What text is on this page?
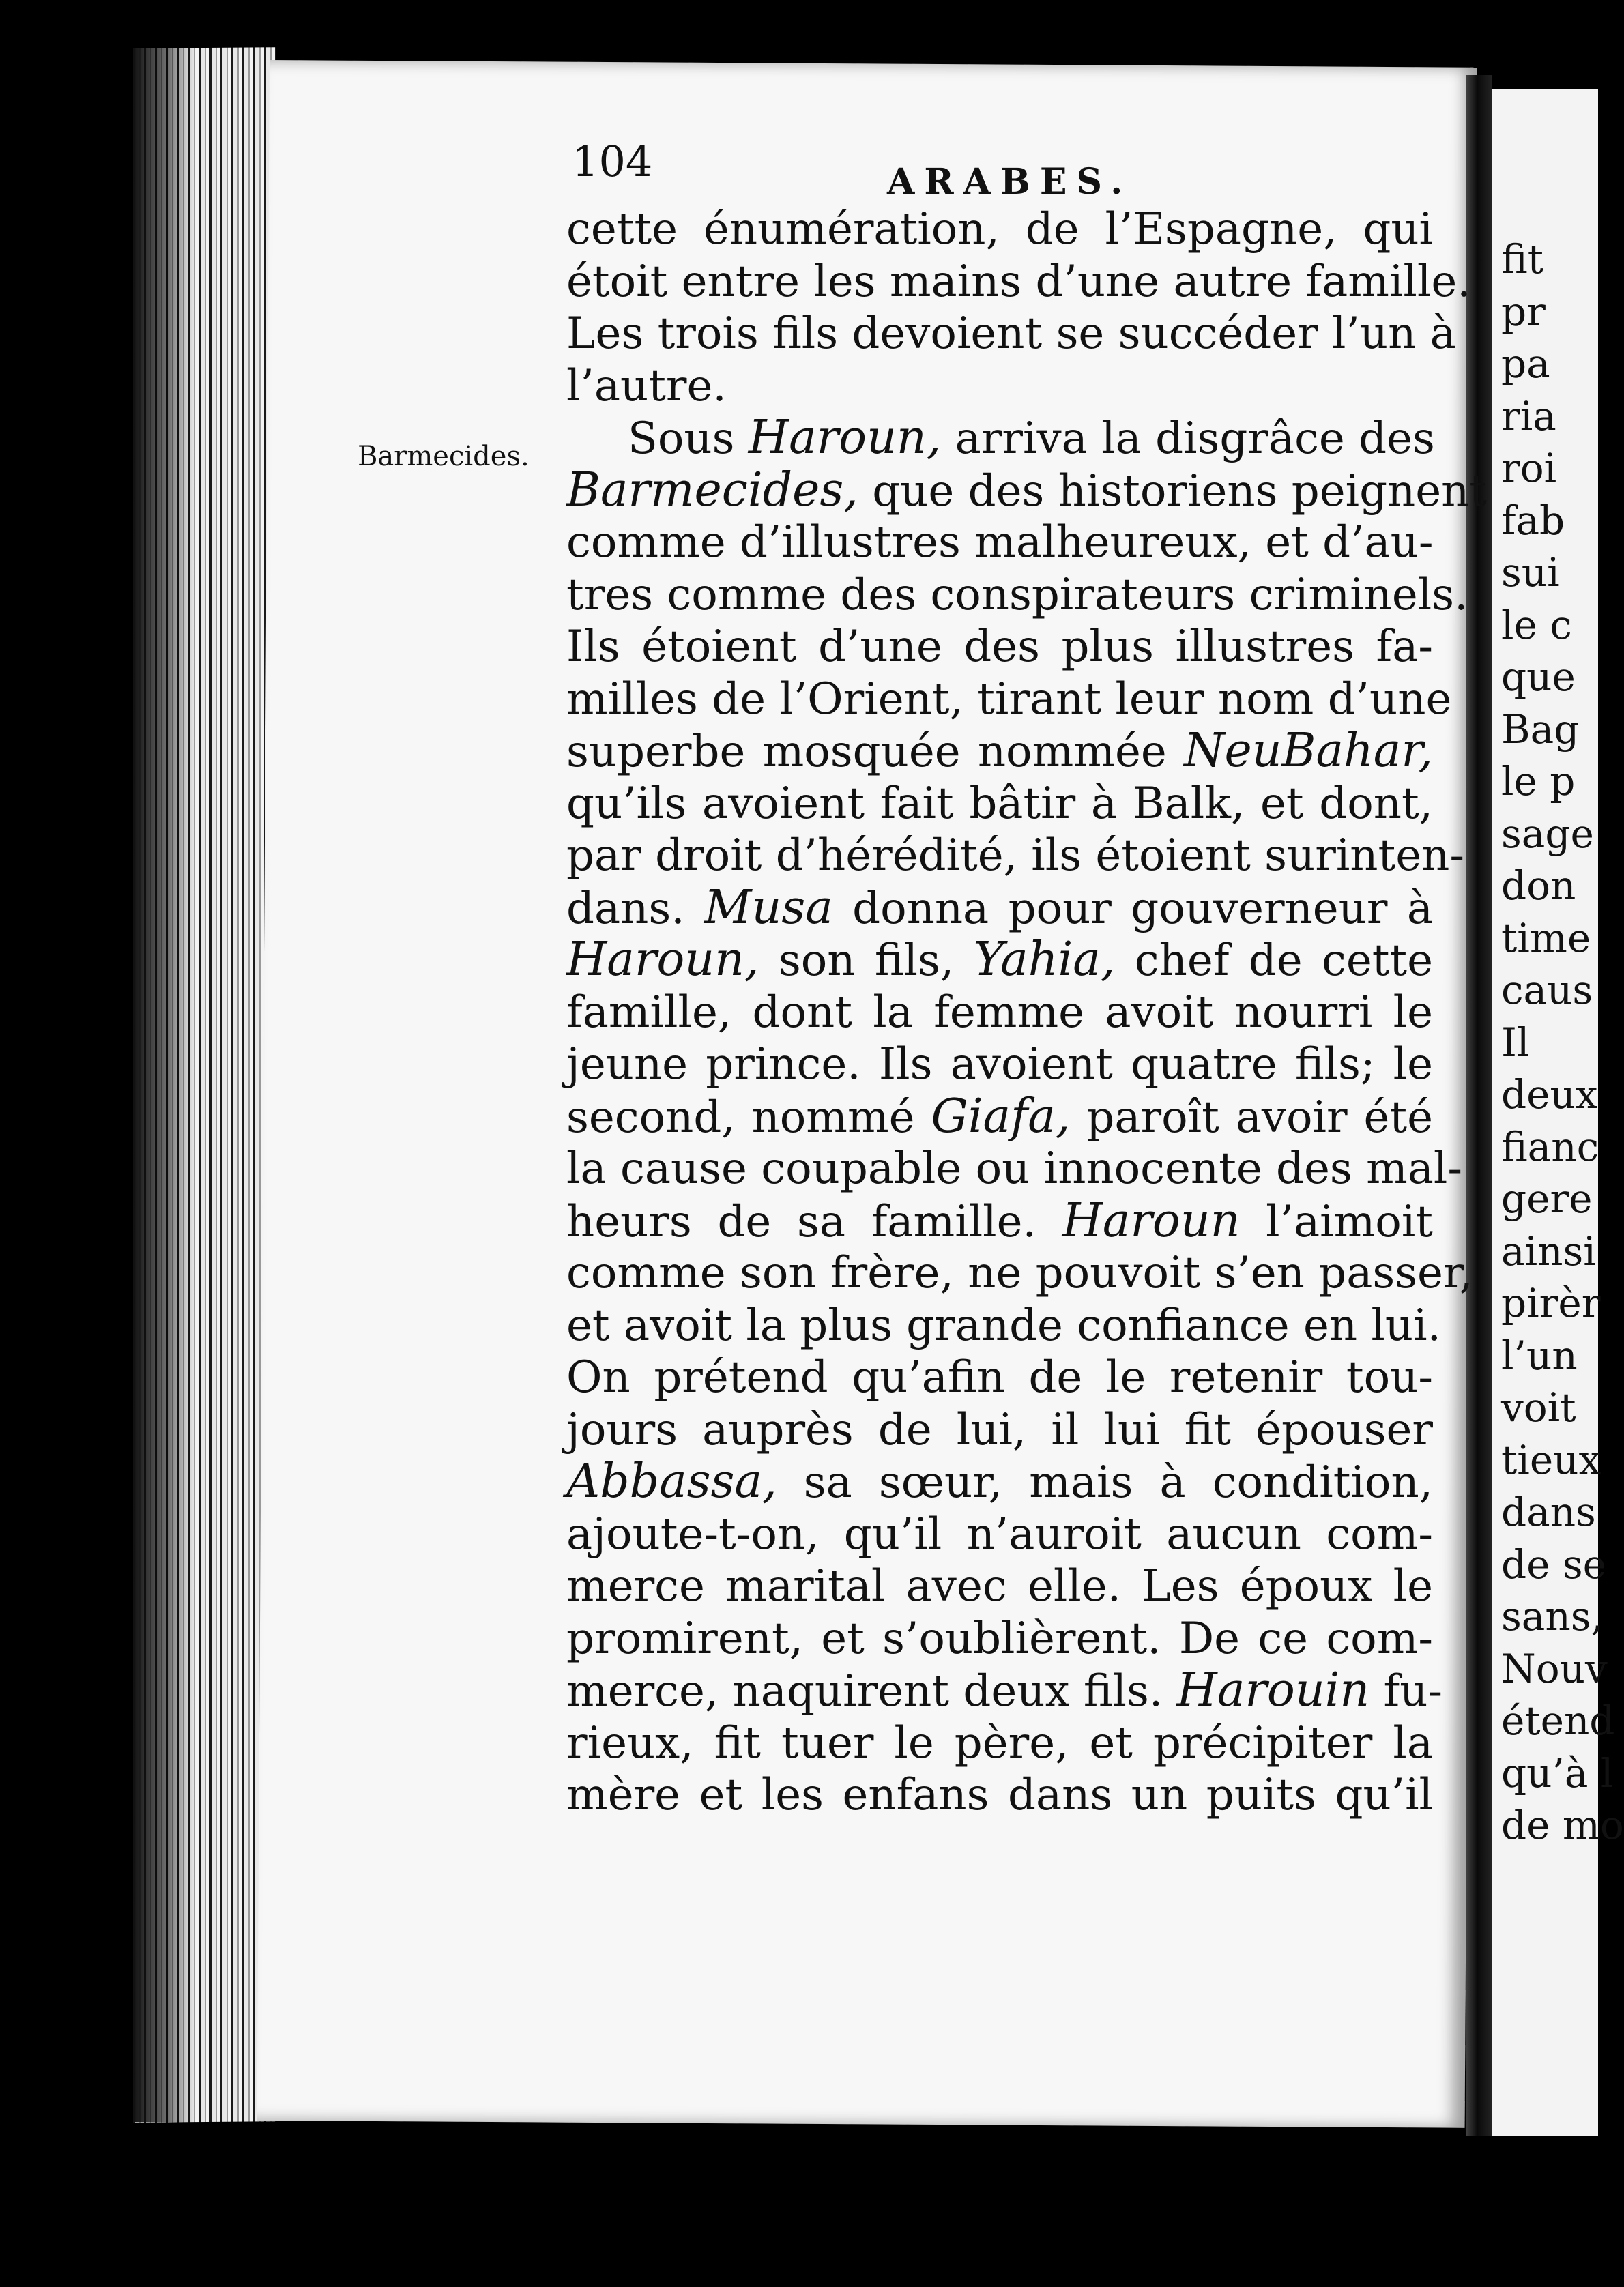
104	ARABES.
Barmecides.
cette énumération, de l’Espagne, qui
étoit entre les mains d’une autre famille.
Les trois fils devoient se succéder l’un à
l’autre.
Sous Haroun, arriva la disgrâce des
Barmecides, que des historiens peignent
comme d’illustres malheureux, et d’au-
tres comme des conspirateurs criminels.
Ils étoient d’une des plus illustres fa-
milles de l’Orient, tirant leur nom d’une
superbe mosquée nommée NeuBahar,
qu’ils avoient fait bâtir à Balk, et dont,
par droit d’hérédité, ils étoient surinten-
dans. Musa donna pour gouverneur à
Haroun, son fils, Yahia, chef de cette
famille, dont la femme avoit nourri le
jeune prince. Ils avoient quatre fils; le
second, nommé Giafa, paroît avoir été
la cause coupable ou innocente des mal-
heurs de sa famille. Haroun l’aimoit
comme son frère, ne pouvoit s’en passer,
et avoit la plus grande confiance en lui.
On prétend qu’afin de le retenir tou-
jours auprès de lui, il lui fit épouser
Abbassa, sa sœur, mais à condition,
ajoute-t-on, qu’il n’auroit aucun com-
merce marital avec elle. Les époux le
promirent, et s’oublièrent. De ce com-
merce, naquirent deux fils. Harouin fu-
rieux, fit tuer le père, et précipiter la
mère et les enfans dans un puits qu’il
fit
pr
pa
ria
roi
fab
sui
le c
que
Bag
le p
sage
don
time
caus
Il
deux
fianc
gere
ainsi
pirèr
l’un
voit
tieux
dans
de se
sans,
Nouv
étend
qu’à l
de mo
